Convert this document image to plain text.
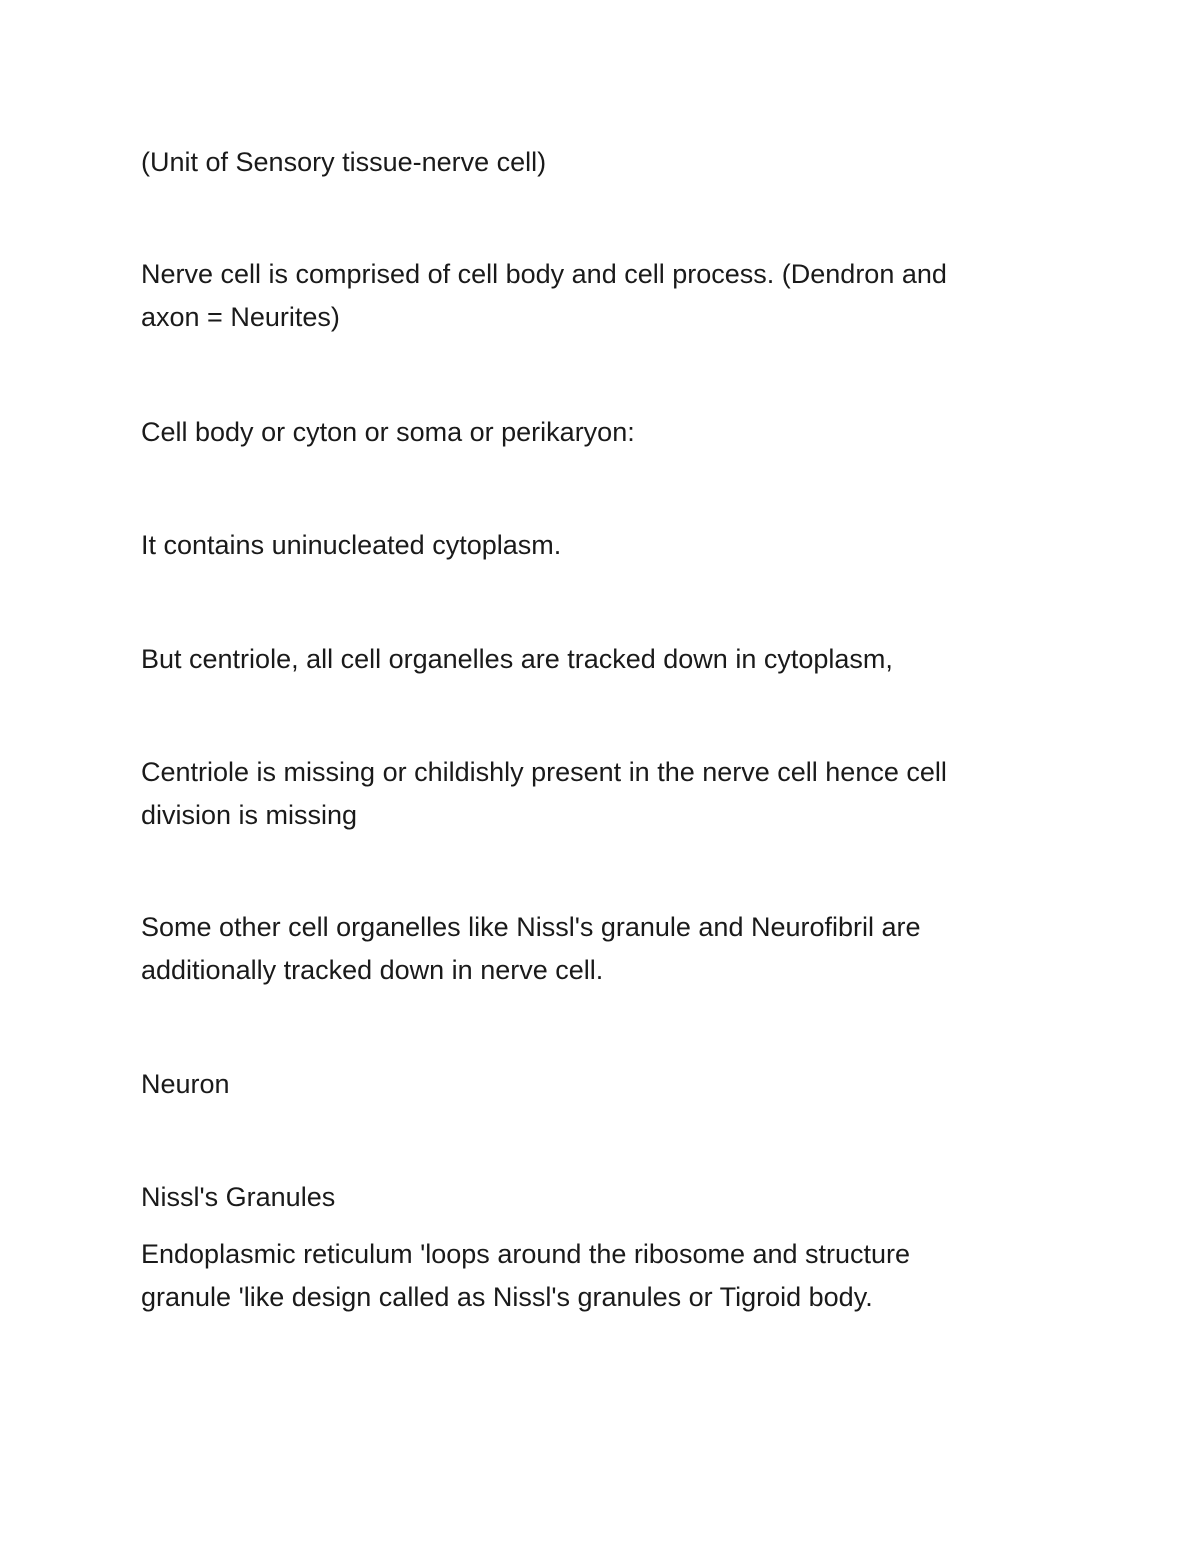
(Unit of Sensory tissue-nerve cell)

Nerve cell is comprised of cell body and cell process. (Dendron and
axon = Neurites)

Cell body or cyton or soma or perikaryon:

It contains uninucleated cytoplasm.

But centriole, all cell organelles are tracked down in cytoplasm,

Centriole is missing or childishly present in the nerve cell hence cell
division is missing

Some other cell organelles like Nissl's granule and Neurofibril are
additionally tracked down in nerve cell.

Neuron

Nissl's Granules

Endoplasmic reticulum 'loops around the ribosome and structure
granule 'like design called as Nissl's granules or Tigroid body.
